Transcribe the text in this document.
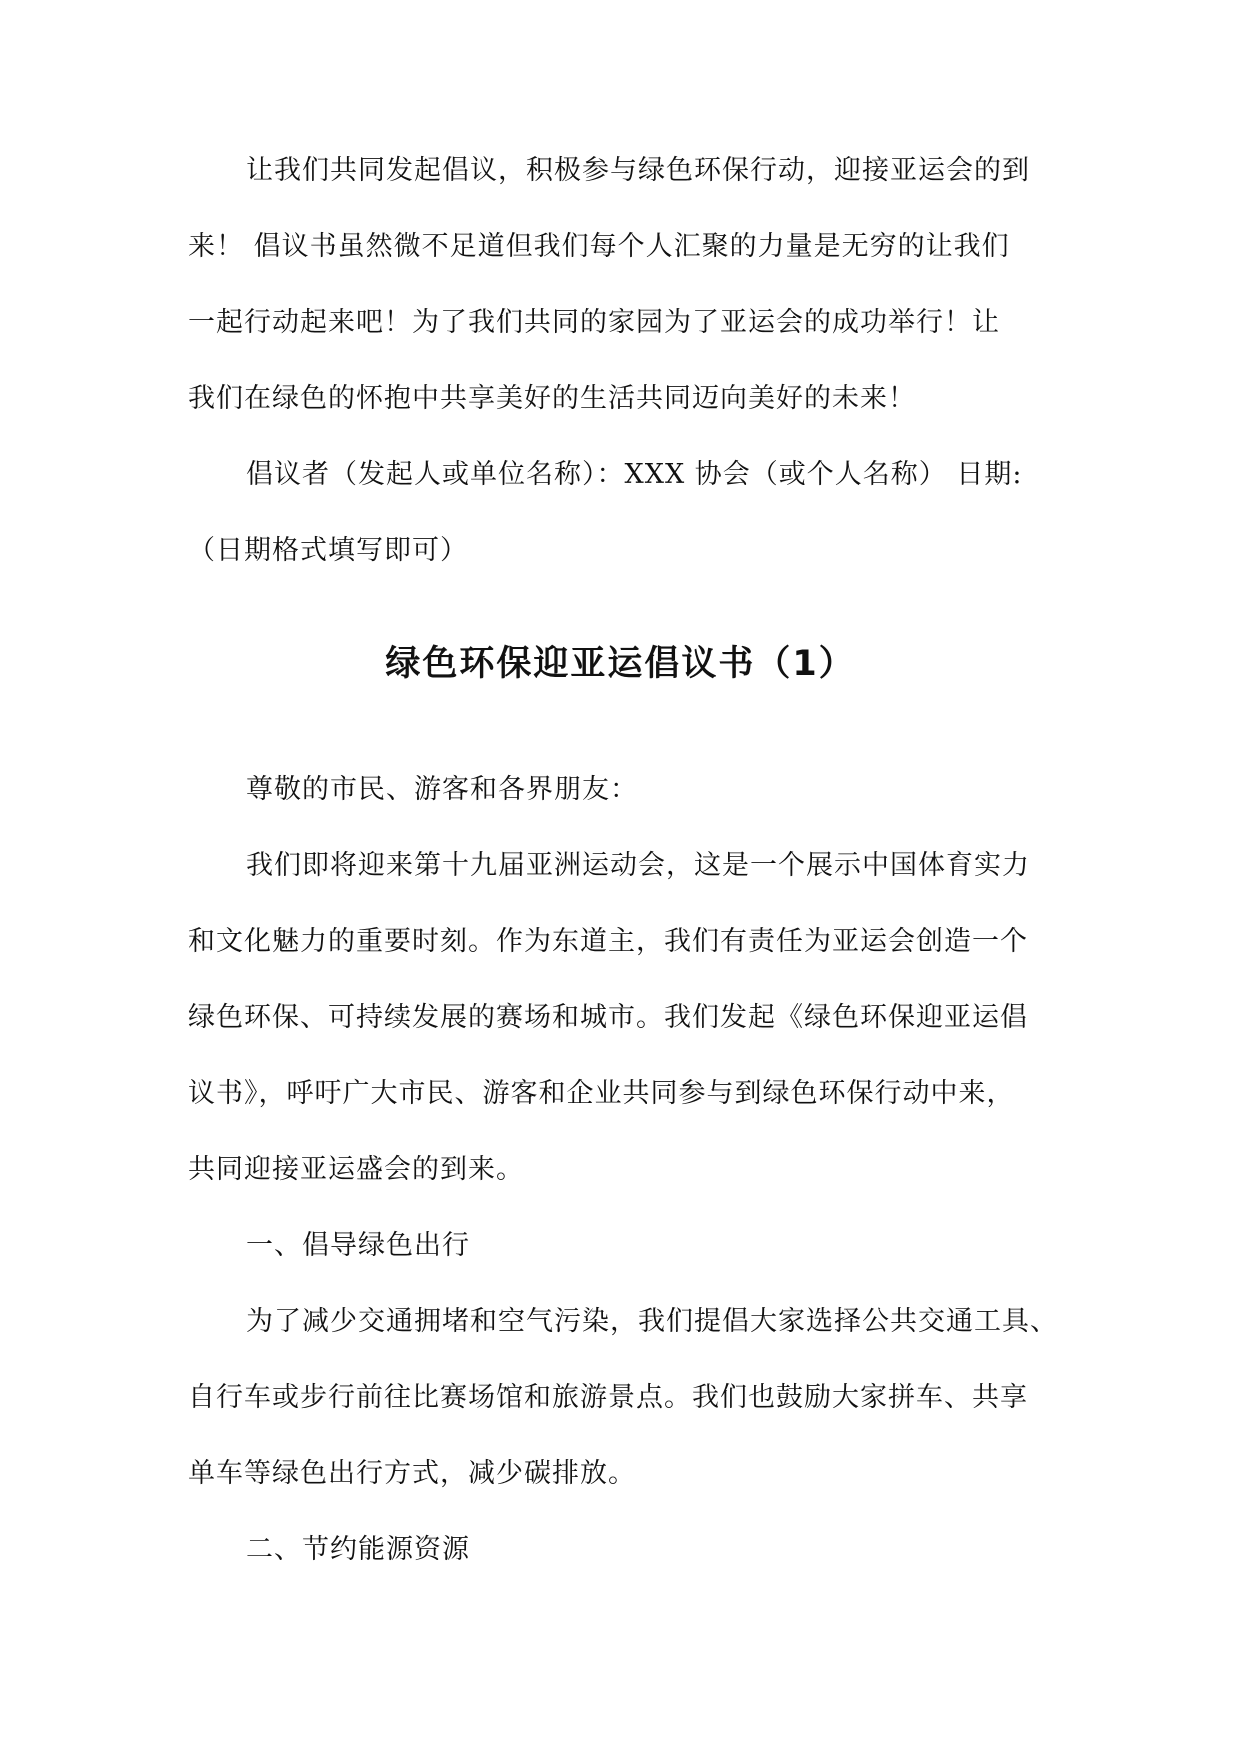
让我们共同发起倡议，积极参与绿色环保行动，迎接亚运会的到
来！ 倡议书虽然微不足道但我们每个人汇聚的力量是无穷的让我们
一起行动起来吧！为了我们共同的家园为了亚运会的成功举行！让
我们在绿色的怀抱中共享美好的生活共同迈向美好的未来！
倡议者（发起人或单位名称）：XXX 协会（或个人名称） 日期:
（日期格式填写即可）
绿色环保迎亚运倡议书（1）
尊敬的市民、游客和各界朋友：
我们即将迎来第十九届亚洲运动会，这是一个展示中国体育实力
和文化魅力的重要时刻。作为东道主，我们有责任为亚运会创造一个
绿色环保、可持续发展的赛场和城市。我们发起《绿色环保迎亚运倡
议书》，呼吁广大市民、游客和企业共同参与到绿色环保行动中来，
共同迎接亚运盛会的到来。
一、倡导绿色出行
为了减少交通拥堵和空气污染，我们提倡大家选择公共交通工具、
自行车或步行前往比赛场馆和旅游景点。我们也鼓励大家拼车、共享
单车等绿色出行方式，减少碳排放。
二、节约能源资源
